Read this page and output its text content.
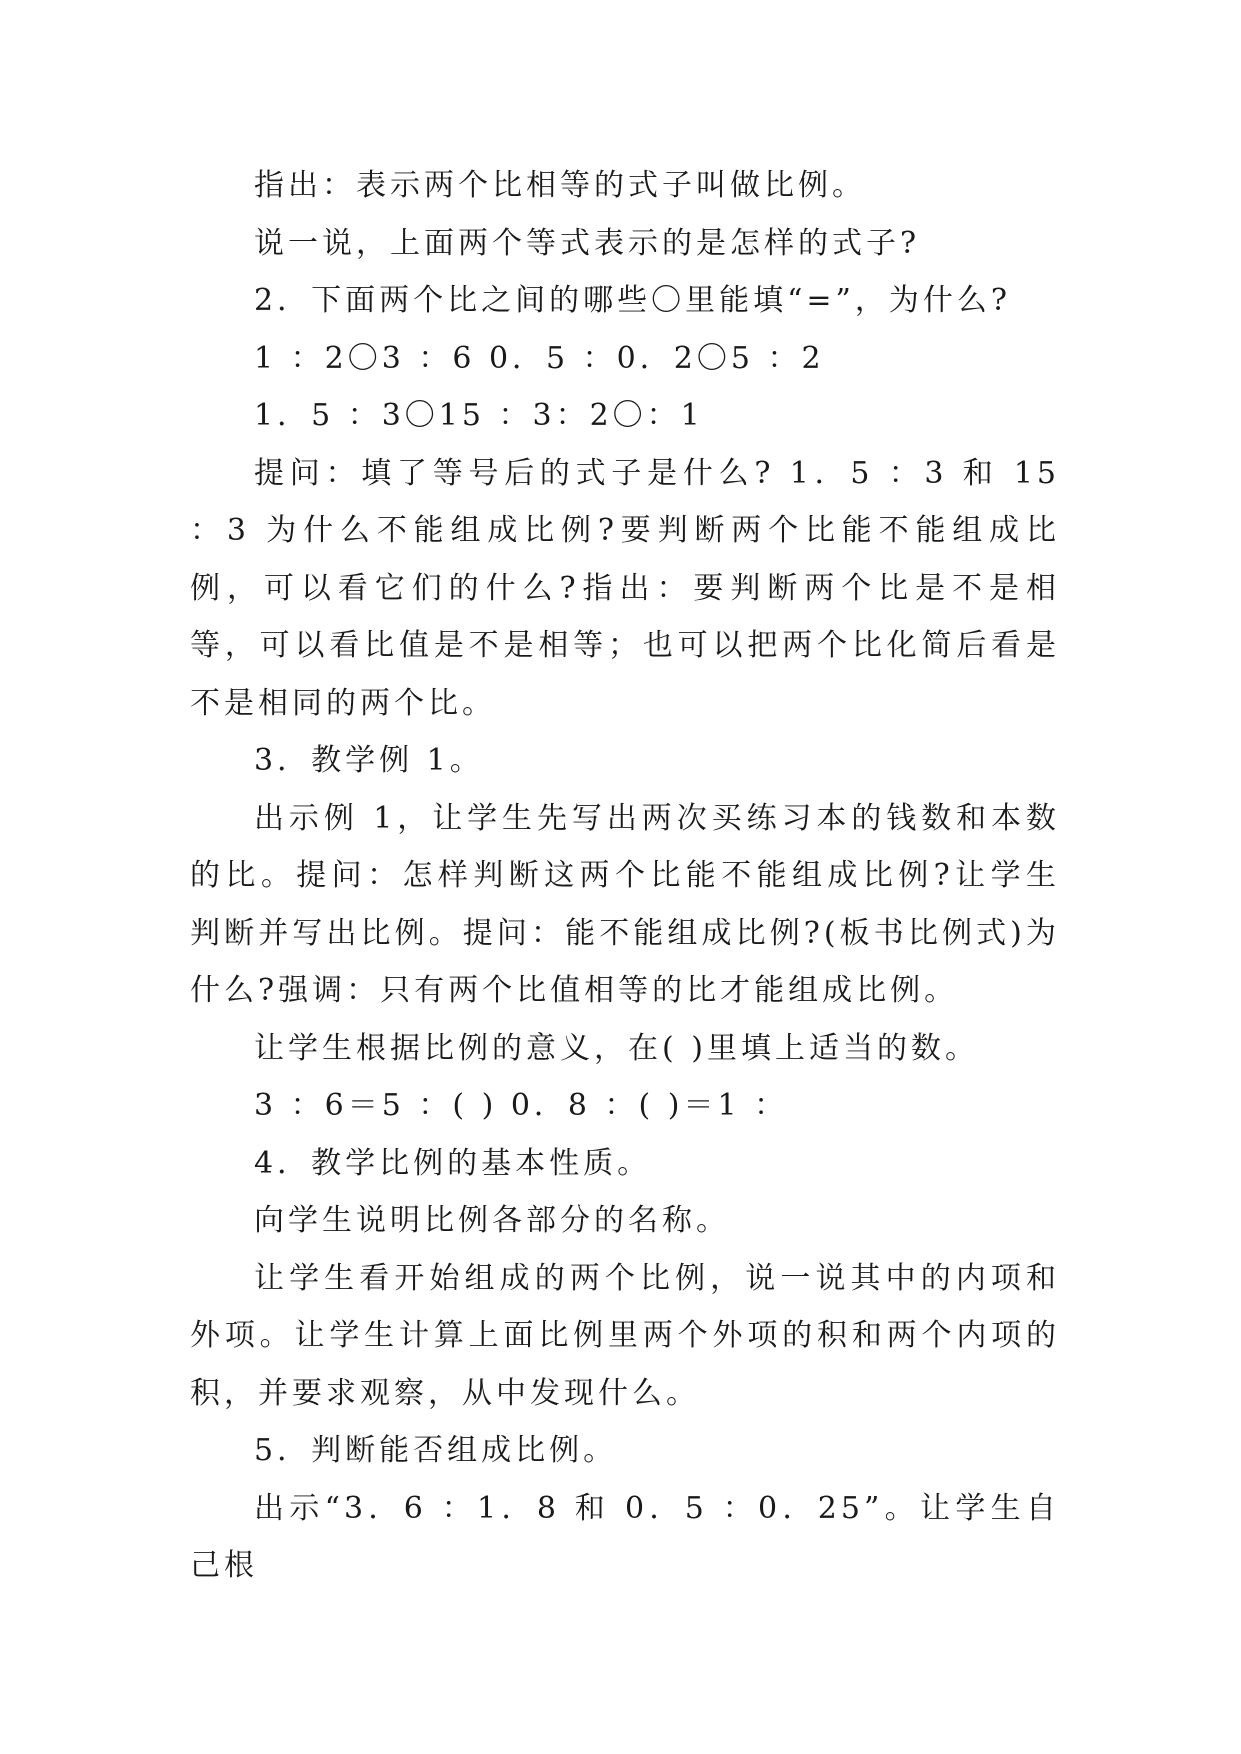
指出：表示两个比相等的式子叫做比例。

说一说，上面两个等式表示的是怎样的式子?

2．下面两个比之间的哪些〇里能填“=”，为什么?

1 ：2〇3 ：6 0．5 ：0．2〇5 ：2

1．5 ：3〇15 ：3：2〇：1

提问：填了等号后的式子是什么? 1．5 ：3 和 15 ：3 为什么不能组成比例?要判断两个比能不能组成比例，可以看它们的什么?指出：要判断两个比是不是相等，可以看比值是不是相等；也可以把两个比化简后看是不是相同的两个比。

3．教学例 1。

出示例 1，让学生先写出两次买练习本的钱数和本数的比。提问：怎样判断这两个比能不能组成比例?让学生判断并写出比例。提问：能不能组成比例?(板书比例式)为什么?强调：只有两个比值相等的比才能组成比例。

让学生根据比例的意义，在( )里填上适当的数。

3 ：6＝5 ：( ) 0．8 ：( )＝1 ：

4．教学比例的基本性质。

向学生说明比例各部分的名称。

让学生看开始组成的两个比例，说一说其中的内项和外项。让学生计算上面比例里两个外项的积和两个内项的积，并要求观察，从中发现什么。

5．判断能否组成比例。

出示“3．6 ：1．8 和 0．5 ：0．25”。让学生自己根
